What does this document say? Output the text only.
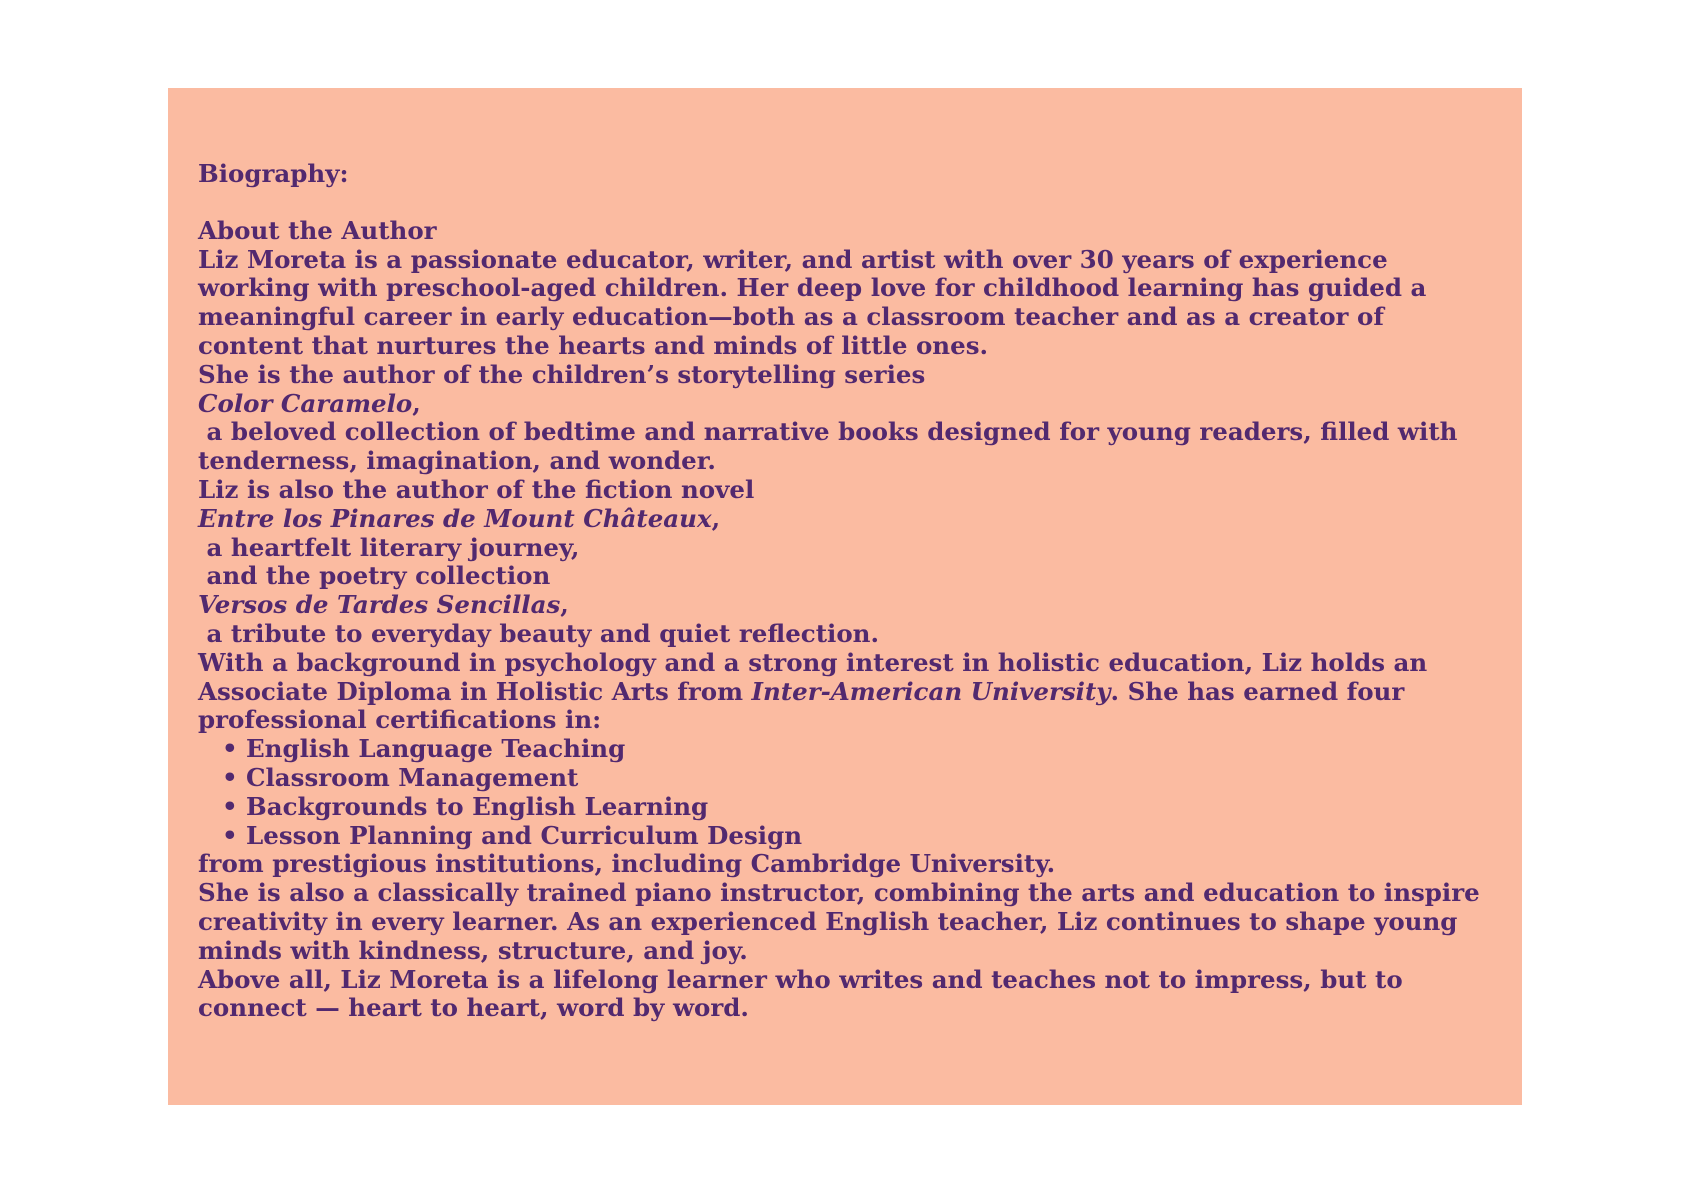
Biography:
About the Author
Liz Moreta is a passionate educator, writer, and artist with over 30 years of experience working with preschool-aged children. Her deep love for childhood learning has guided a meaningful career in early education—both as a classroom teacher and as a creator of content that nurtures the hearts and minds of little ones.
She is the author of the children’s storytelling series
Color Caramelo,
a beloved collection of bedtime and narrative books designed for young readers, filled with tenderness, imagination, and wonder.
Liz is also the author of the fiction novel
Entre los Pinares de Mount Châteaux,
a heartfelt literary journey,
and the poetry collection
Versos de Tardes Sencillas,
a tribute to everyday beauty and quiet reflection.
With a background in psychology and a strong interest in holistic education, Liz holds an Associate Diploma in Holistic Arts from Inter-American University. She has earned four professional certifications in:
• English Language Teaching
• Classroom Management
• Backgrounds to English Learning
• Lesson Planning and Curriculum Design
from prestigious institutions, including Cambridge University.
She is also a classically trained piano instructor, combining the arts and education to inspire creativity in every learner. As an experienced English teacher, Liz continues to shape young minds with kindness, structure, and joy.
Above all, Liz Moreta is a lifelong learner who writes and teaches not to impress, but to connect — heart to heart, word by word.
